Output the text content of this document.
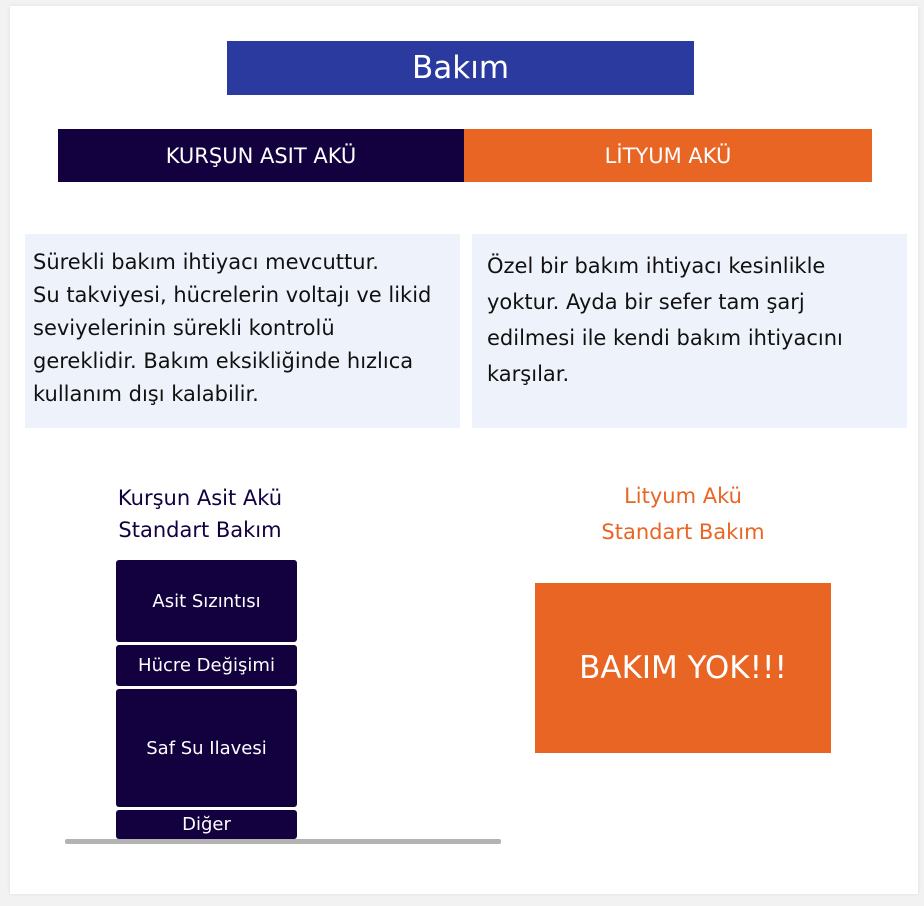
Bakım
KURŞUN ASIT AKÜ	LİTYUM AKÜ

Sürekli bakım ihtiyacı mevcuttur.

Su takviyesi, hücrelerin voltajı ve likid

seviyelerinin sürekli kontrolü

gereklidir. Bakım eksikliğinde hızlıca

kullanım dışı kalabilir.

Özel bir bakım ihtiyacı kesinlikle

yoktur. Ayda bir sefer tam şarj

edilmesi ile kendi bakım ihtiyacını

karşılar.

Kurşun Asit Akü
Standart Bakım
Lityum Akü
Standart Bakım
Asit Sızıntısı
Hücre Değişimi
Saf Su Ilavesi
Diğer
BAKIM YOK!!!
